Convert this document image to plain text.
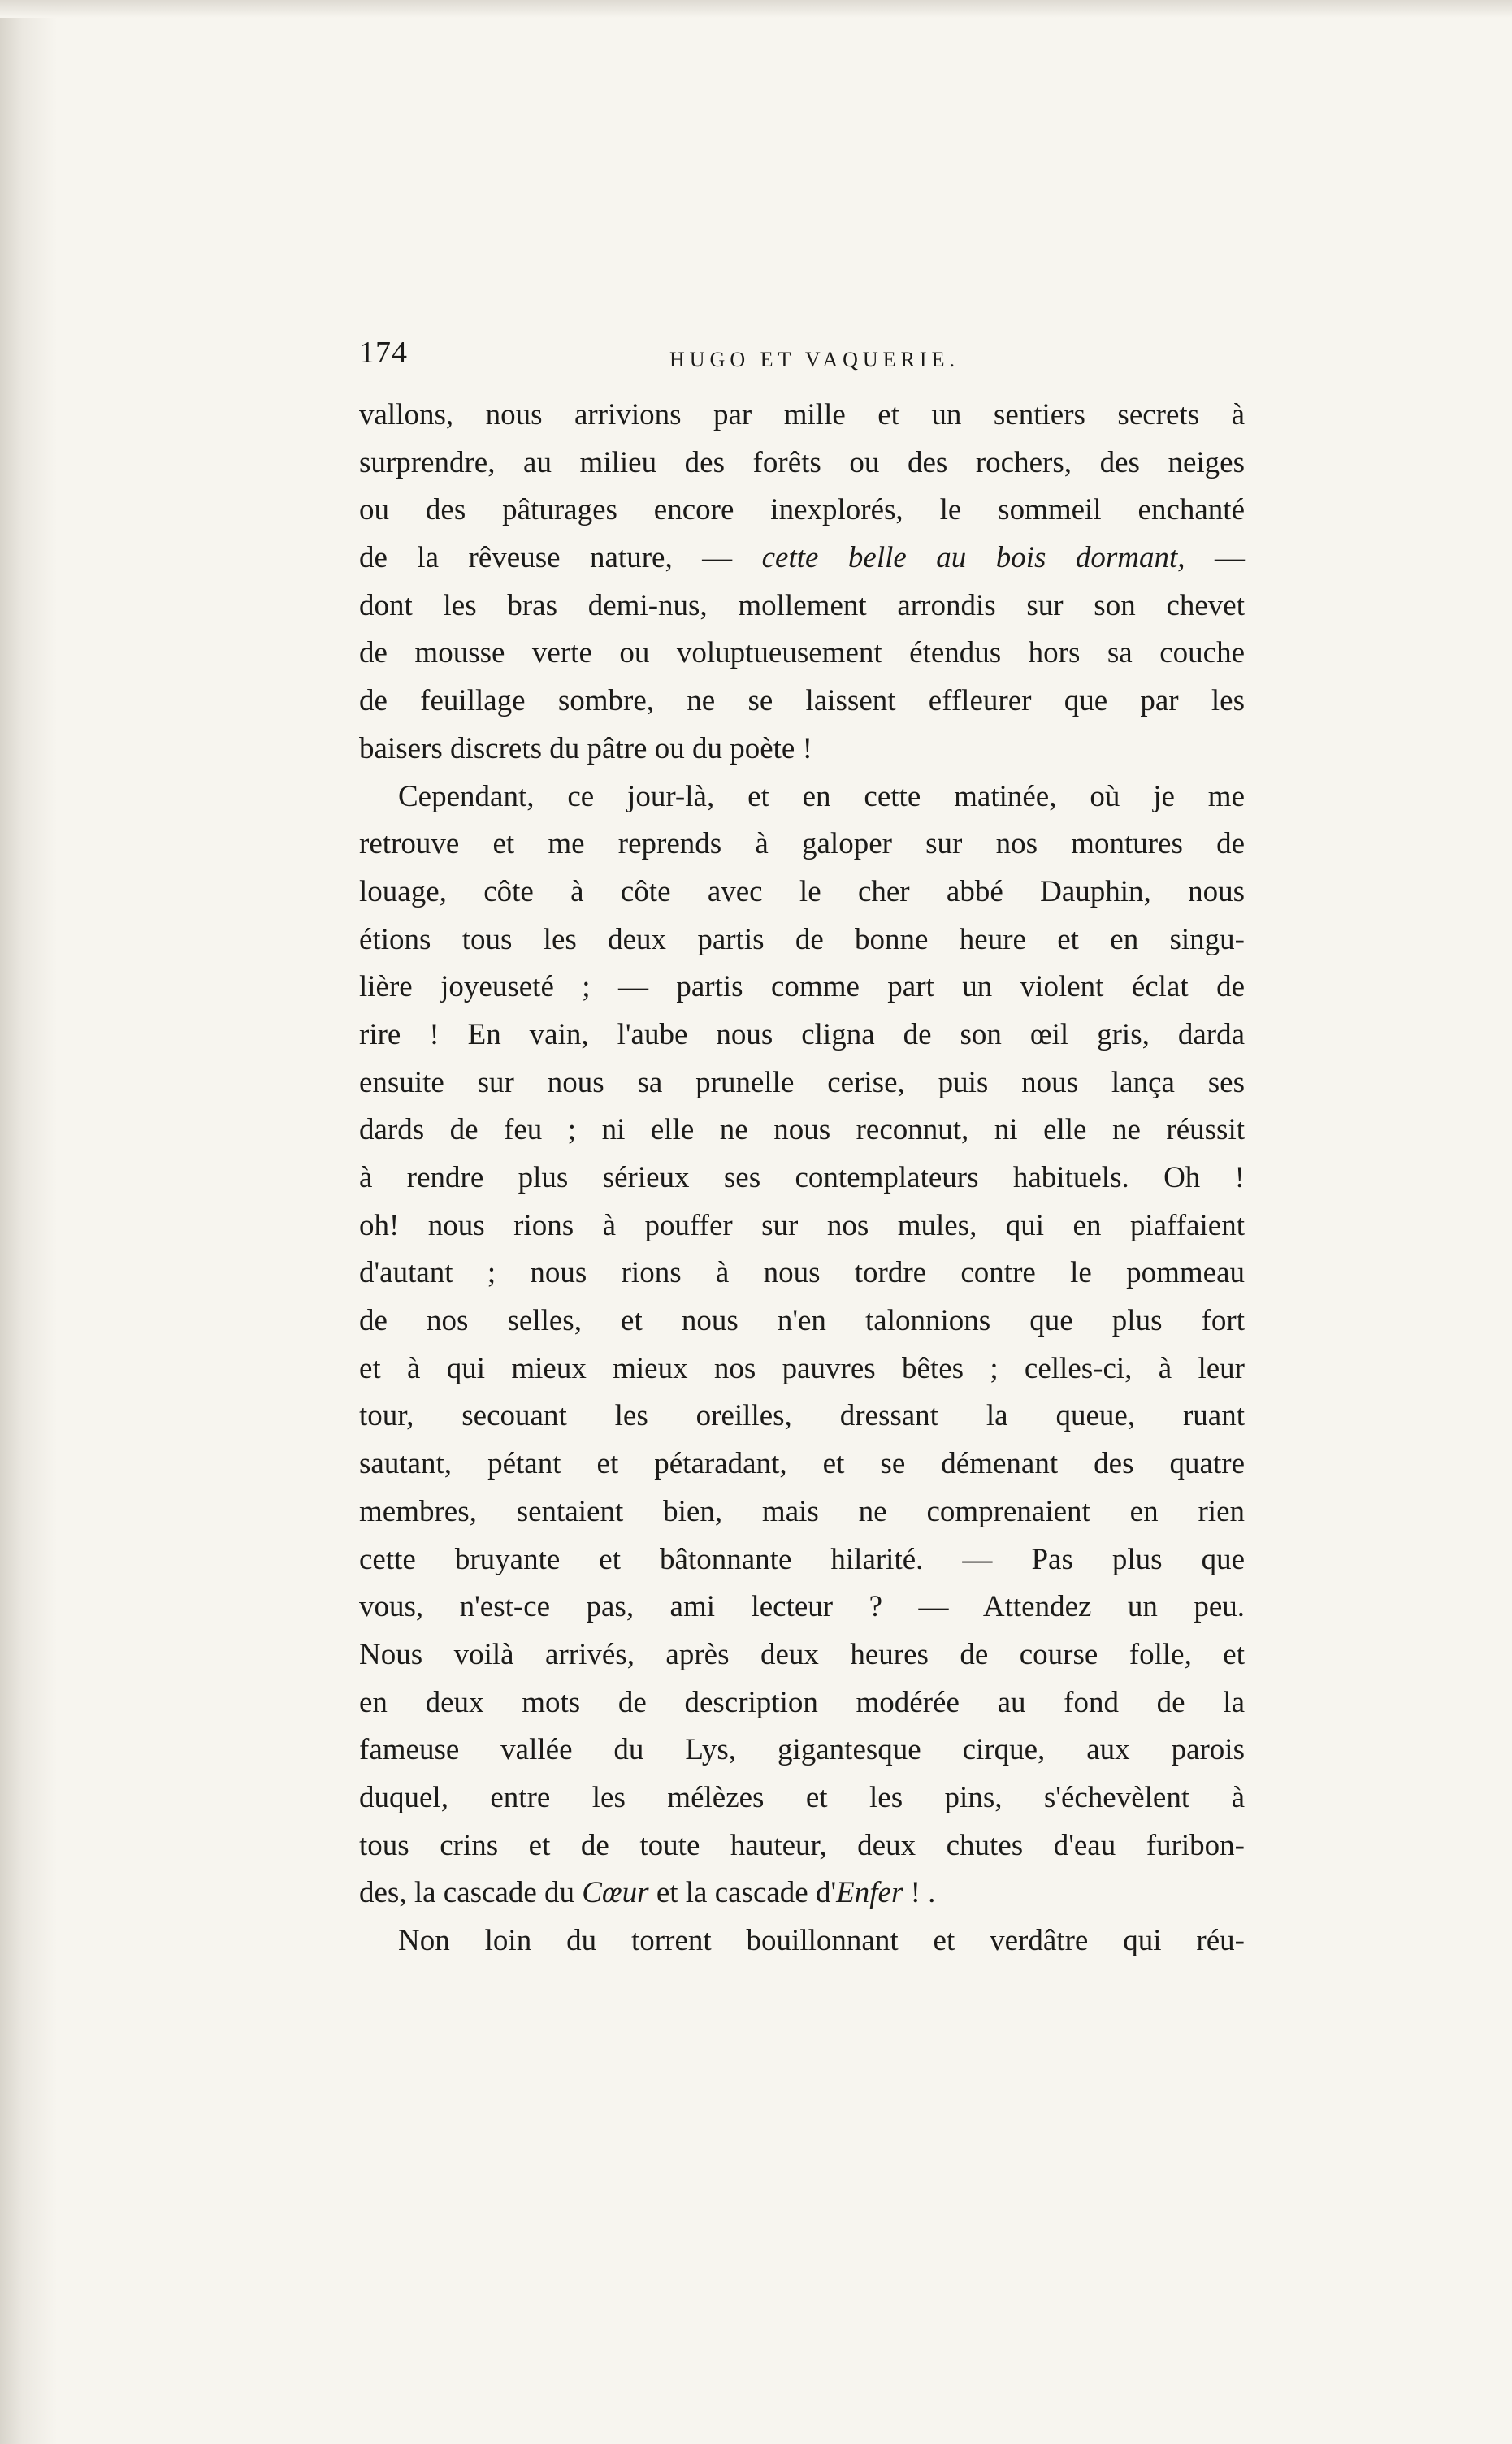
174	HUGO ET VAQUERIE.
vallons, nous arrivions par mille et un sentiers secrets à
surprendre, au milieu des forêts ou des rochers, des neiges
ou des pâturages encore inexplorés, le sommeil enchanté
de la rêveuse nature, — cette belle au bois dormant, —
dont les bras demi-nus, mollement arrondis sur son chevet
de mousse verte ou voluptueusement étendus hors sa couche
de feuillage sombre, ne se laissent effleurer que par les
baisers discrets du pâtre ou du poète !
Cependant, ce jour-là, et en cette matinée, où je me
retrouve et me reprends à galoper sur nos montures de
louage, côte à côte avec le cher abbé Dauphin, nous
étions tous les deux partis de bonne heure et en singu-
lière joyeuseté ; — partis comme part un violent éclat de
rire ! En vain, l'aube nous cligna de son œil gris, darda
ensuite sur nous sa prunelle cerise, puis nous lança ses
dards de feu ; ni elle ne nous reconnut, ni elle ne réussit
à rendre plus sérieux ses contemplateurs habituels. Oh !
oh! nous rions à pouffer sur nos mules, qui en piaffaient
d'autant ; nous rions à nous tordre contre le pommeau
de nos selles, et nous n'en talonnions que plus fort
et à qui mieux mieux nos pauvres bêtes ; celles-ci, à leur
tour, secouant les oreilles, dressant la queue, ruant
sautant, pétant et pétaradant, et se démenant des quatre
membres, sentaient bien, mais ne comprenaient en rien
cette bruyante et bâtonnante hilarité. — Pas plus que
vous, n'est-ce pas, ami lecteur ? — Attendez un peu.
Nous voilà arrivés, après deux heures de course folle, et
en deux mots de description modérée au fond de la
fameuse vallée du Lys, gigantesque cirque, aux parois
duquel, entre les mélèzes et les pins, s'échevèlent à
tous crins et de toute hauteur, deux chutes d'eau furibon-
des, la cascade du Cœur et la cascade d'Enfer ! .
Non loin du torrent bouillonnant et verdâtre qui réu-
